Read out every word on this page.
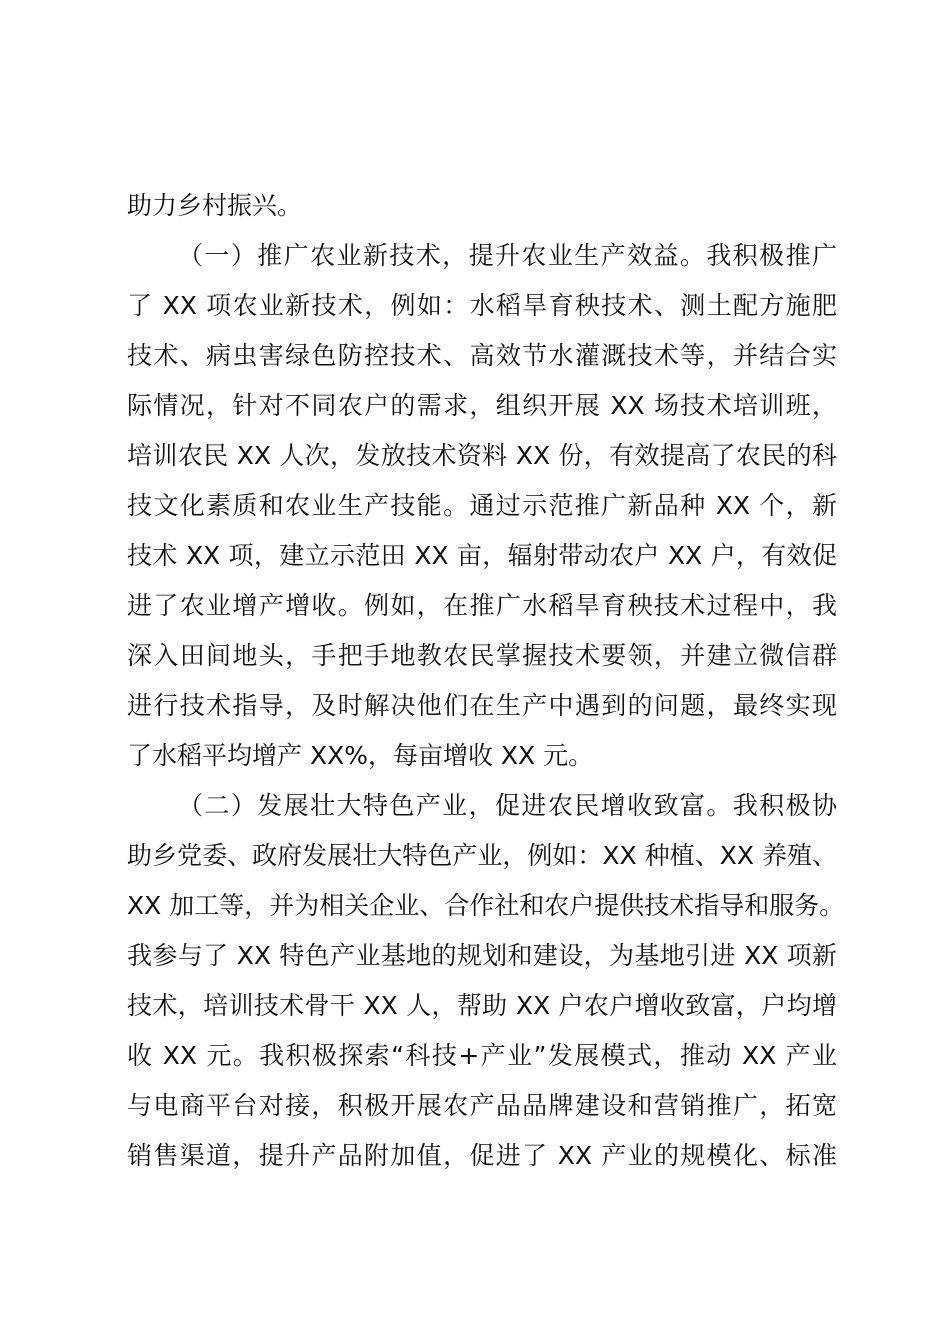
助力乡村振兴。
（一）推广农业新技术，提升农业生产效益。我积极推广
了 XX 项农业新技术，例如：水稻旱育秧技术、测土配方施肥
技术、病虫害绿色防控技术、高效节水灌溉技术等，并结合实
际情况，针对不同农户的需求，组织开展 XX 场技术培训班，
培训农民 XX 人次，发放技术资料 XX 份，有效提高了农民的科
技文化素质和农业生产技能。通过示范推广新品种 XX 个，新
技术 XX 项，建立示范田 XX 亩，辐射带动农户 XX 户，有效促
进了农业增产增收。例如，在推广水稻旱育秧技术过程中，我
深入田间地头，手把手地教农民掌握技术要领，并建立微信群
进行技术指导，及时解决他们在生产中遇到的问题，最终实现
了水稻平均增产 XX%，每亩增收 XX 元。
（二）发展壮大特色产业，促进农民增收致富。我积极协
助乡党委、政府发展壮大特色产业，例如：XX 种植、XX 养殖、
XX 加工等，并为相关企业、合作社和农户提供技术指导和服务。
我参与了 XX 特色产业基地的规划和建设，为基地引进 XX 项新
技术，培训技术骨干 XX 人，帮助 XX 户农户增收致富，户均增
收 XX 元。我积极探索“科技+产业”发展模式，推动 XX 产业
与电商平台对接，积极开展农产品品牌建设和营销推广，拓宽
销售渠道，提升产品附加值，促进了 XX 产业的规模化、标准
